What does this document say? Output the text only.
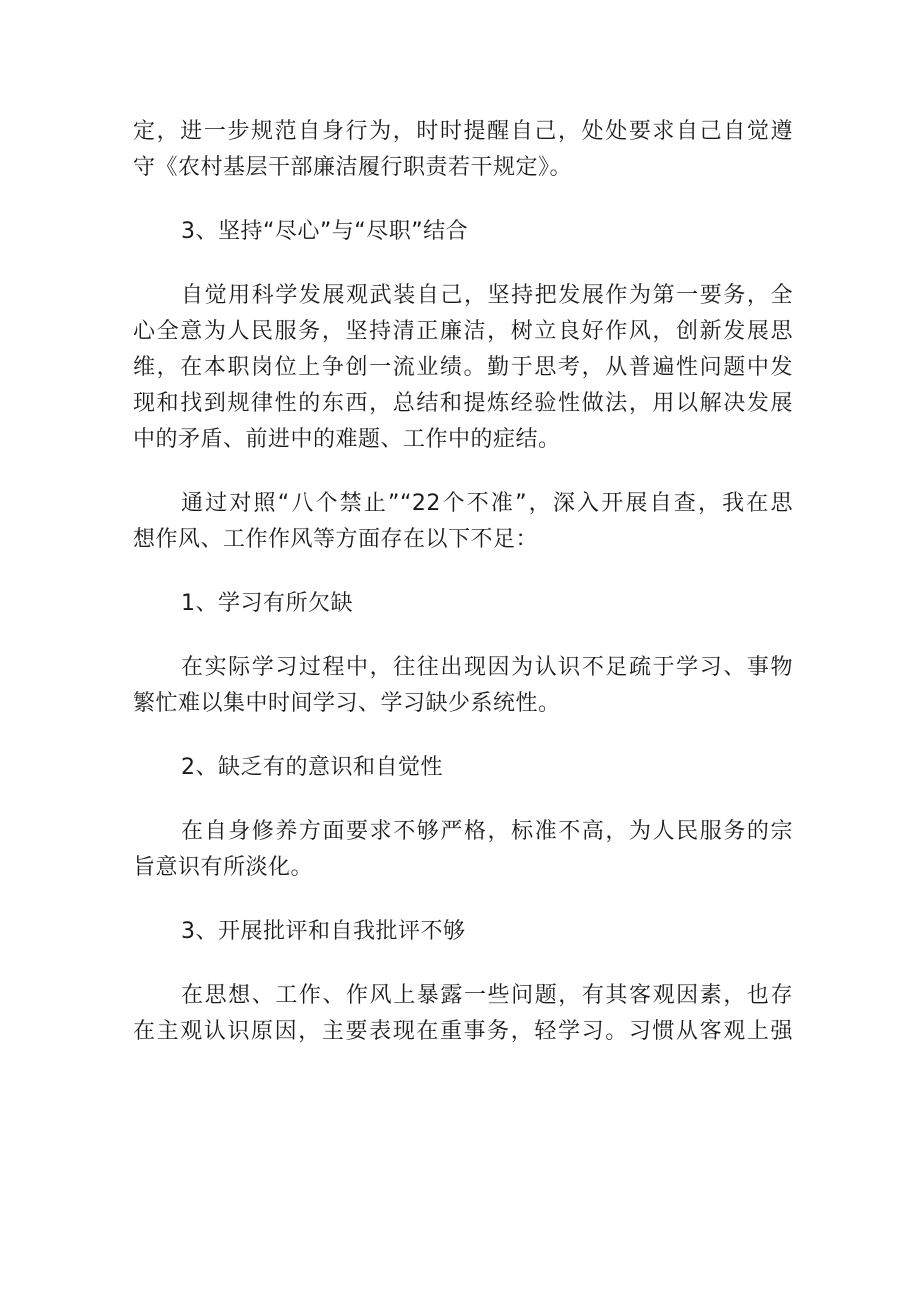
定，进一步规范自身行为，时时提醒自己，处处要求自己自觉遵
守《农村基层干部廉洁履行职责若干规定》。
3、坚持“尽心”与“尽职”结合
自觉用科学发展观武装自己，坚持把发展作为第一要务，全
心全意为人民服务，坚持清正廉洁，树立良好作风，创新发展思
维，在本职岗位上争创一流业绩。勤于思考，从普遍性问题中发
现和找到规律性的东西，总结和提炼经验性做法，用以解决发展
中的矛盾、前进中的难题、工作中的症结。
通过对照“八个禁止”“22个不准”，深入开展自查，我在思
想作风、工作作风等方面存在以下不足：
1、学习有所欠缺
在实际学习过程中，往往出现因为认识不足疏于学习、事物
繁忙难以集中时间学习、学习缺少系统性。
2、缺乏有的意识和自觉性
在自身修养方面要求不够严格，标准不高，为人民服务的宗
旨意识有所淡化。
3、开展批评和自我批评不够
在思想、工作、作风上暴露一些问题，有其客观因素，也存
在主观认识原因，主要表现在重事务，轻学习。习惯从客观上强
